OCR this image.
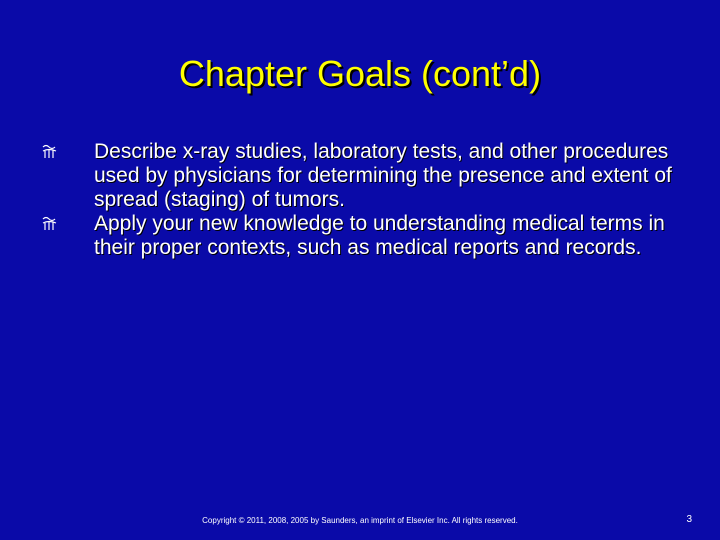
Chapter Goals (cont’d)
Describe x-ray studies, laboratory tests, and other procedures used by physicians for determining the presence and extent of spread (staging) of tumors.
Apply your new knowledge to understanding medical terms in their proper contexts, such as medical reports and records.
Copyright © 2011, 2008, 2005 by Saunders, an imprint of Elsevier Inc. All rights reserved.	3
